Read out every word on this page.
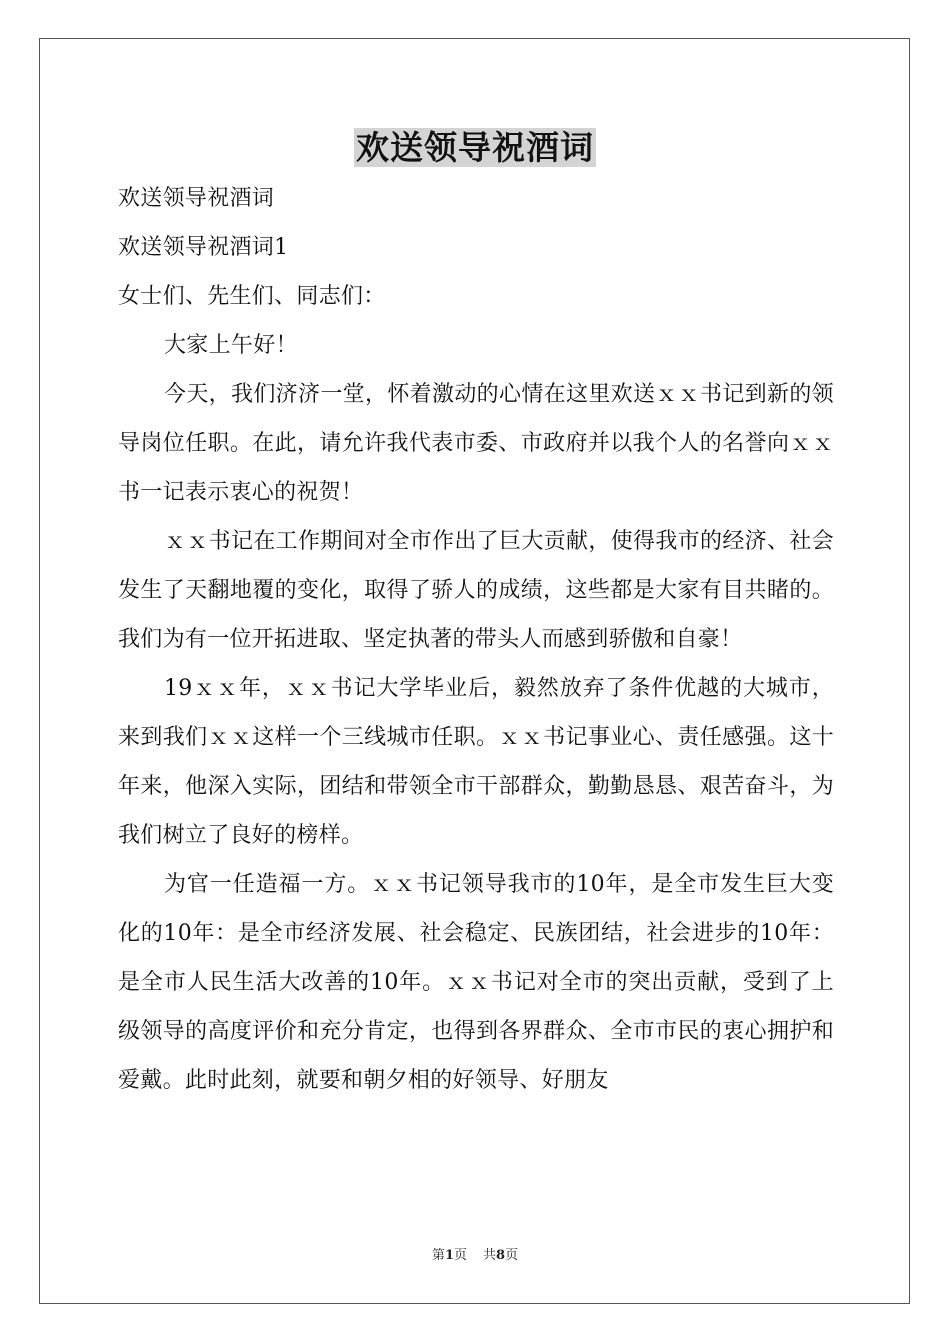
欢送领导祝酒词

欢送领导祝酒词

欢送领导祝酒词1

女士们、先生们、同志们：

大家上午好！

今天，我们济济一堂，怀着激动的心情在这里欢送ｘｘ书记到新的领导岗位任职。在此，请允许我代表市委、市政府并以我个人的名誉向ｘｘ书一记表示衷心的祝贺！

ｘｘ书记在工作期间对全市作出了巨大贡献，使得我市的经济、社会发生了天翻地覆的变化，取得了骄人的成绩，这些都是大家有目共睹的。我们为有一位开拓进取、坚定执著的带头人而感到骄傲和自豪！

19ｘｘ年，ｘｘ书记大学毕业后，毅然放弃了条件优越的大城市，来到我们ｘｘ这样一个三线城市任职。ｘｘ书记事业心、责任感强。这十年来，他深入实际，团结和带领全市干部群众，勤勤恳恳、艰苦奋斗，为我们树立了良好的榜样。

为官一任造福一方。ｘｘ书记领导我市的10年，是全市发生巨大变化的10年：是全市经济发展、社会稳定、民族团结，社会进步的10年：是全市人民生活大改善的10年。ｘｘ书记对全市的突出贡献，受到了上级领导的高度评价和充分肯定，也得到各界群众、全市市民的衷心拥护和爱戴。此时此刻，就要和朝夕相的好领导、好朋友

第1页 共8页
